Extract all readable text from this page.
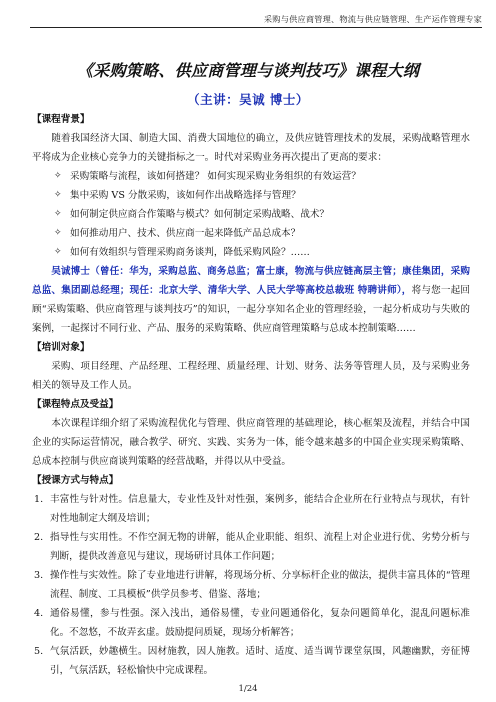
采购与供应商管理、物流与供应链管理、生产运作管理专家
《采购策略、供应商管理与谈判技巧》课程大纲
（主讲：吴诚 博士）

【课程背景】

随着我国经济大国、制造大国、消费大国地位的确立，及供应链管理技术的发展，采购战略管理水平将成为企业核心竞争力的关键指标之一。时代对采购业务再次提出了更高的要求：

✧ 采购策略与流程，该如何搭建？ 如何实现采购业务组织的有效运营？

✧ 集中采购 VS 分散采购，该如何作出战略选择与管理？

✧ 如何制定供应商合作策略与模式？如何制定采购战略、战术？

✧ 如何推动用户、技术、供应商一起来降低产品总成本？

✧ 如何有效组织与管理采购商务谈判，降低采购风险？……

吴诚博士（曾任：华为，采购总监、商务总监；富士康，物流与供应链高层主管；康佳集团，采购总监、集团副总经理；现任：北京大学、清华大学、人民大学等高校总裁班 特聘讲师），将与您一起回顾“采购策略、供应商管理与谈判技巧”的知识，一起分享知名企业的管理经验，一起分析成功与失败的案例，一起探讨不同行业、产品、服务的采购策略、供应商管理策略与总成本控制策略……

【培训对象】

采购、项目经理、产品经理、工程经理、质量经理、计划、财务、法务等管理人员，及与采购业务相关的领导及工作人员。

【课程特点及受益】

本次课程详细介绍了采购流程优化与管理、供应商管理的基础理论，核心框架及流程，并结合中国企业的实际运营情况，融合教学、研究、实践、实务为一体，能令越来越多的中国企业实现采购策略、总成本控制与供应商谈判策略的经营战略，并得以从中受益。

【授课方式与特点】

1. 丰富性与针对性。信息量大，专业性及针对性强，案例多，能结合企业所在行业特点与现状，有针对性地制定大纲及培训；

2. 指导性与实用性。不作空洞无物的讲解，能从企业职能、组织、流程上对企业进行优、劣势分析与判断，提供改善意见与建议，现场研讨具体工作问题；

3. 操作性与实效性。除了专业地进行讲解，将现场分析、分享标杆企业的做法，提供丰富具体的“管理流程、制度、工具模板”供学员参考、借鉴、落地；

4. 通俗易懂，参与性强。深入浅出，通俗易懂，专业问题通俗化，复杂问题简单化，混乱问题标准化。不忽悠，不故弄玄虚。鼓励提问质疑，现场分析解答；

5. 气氛活跃，妙趣横生。因材施教，因人施教。适时、适度、适当调节课堂氛围，风趣幽默，旁征博引，气氛活跃，轻松愉快中完成课程。

1/24
